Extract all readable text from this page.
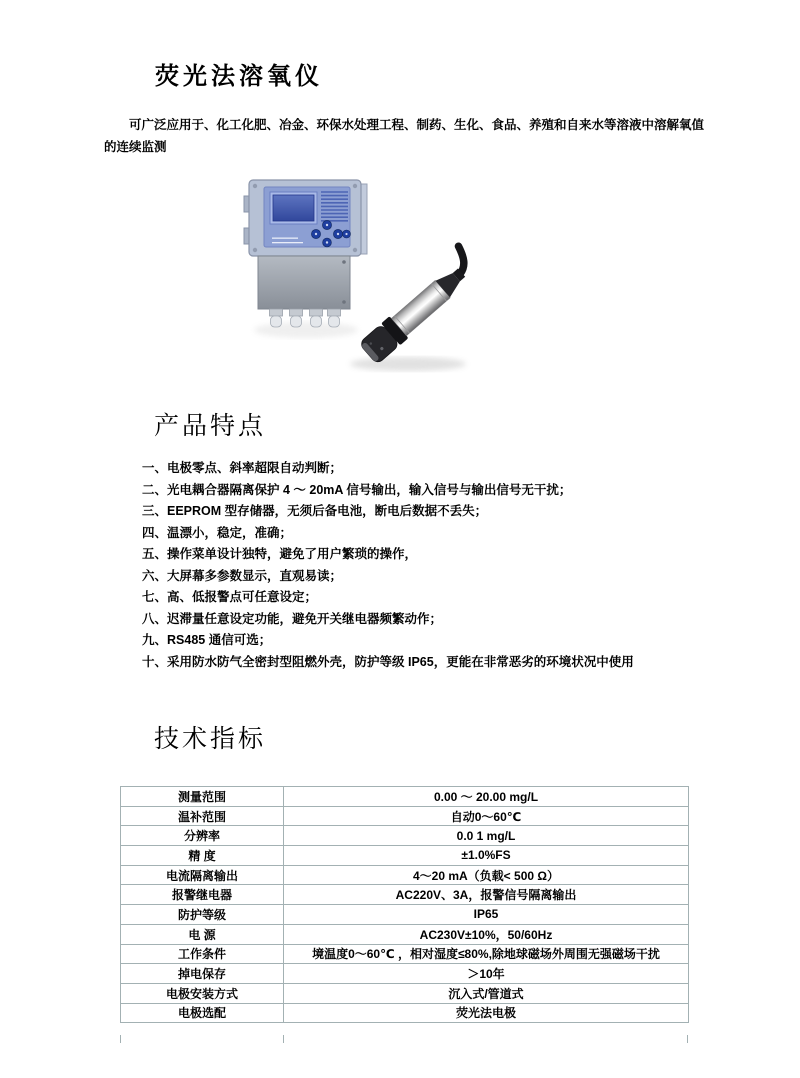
荧光法溶氧仪

可广泛应用于、化工化肥、冶金、环保水处理工程、制药、生化、食品、养殖和自来水等溶液中溶解氧值的连续监测

产品特点
一、电极零点、斜率超限自动判断；
二、光电耦合器隔离保护 4 ～ 20mA 信号输出，输入信号与输出信号无干扰；
三、EEPROM 型存储器，无须后备电池，断电后数据不丢失；
四、温漂小，稳定，准确；
五、操作菜单设计独特，避免了用户繁琐的操作，
六、大屏幕多参数显示，直观易读；
七、高、低报警点可任意设定；
八、迟滞量任意设定功能，避免开关继电器频繁动作；
九、RS485 通信可选；
十、采用防水防气全密封型阻燃外壳，防护等级 IP65，更能在非常恶劣的环境状况中使用
技术指标
测量范围	0.00 ～ 20.00 mg/L
温补范围	自动0～60℃
分辨率	0.0 1 mg/L
精 度	±1.0%FS
电流隔离输出	4～20 mA（负载< 500 Ω）
报警继电器	AC220V、3A，报警信号隔离输出
防护等级	IP65
电 源	AC230V±10%，50/60Hz
工作条件	境温度0～60℃ ，相对湿度≤80%,除地球磁场外周围无强磁场干扰
掉电保存	＞10年
电极安装方式	沉入式/管道式
电极选配	荧光法电极
